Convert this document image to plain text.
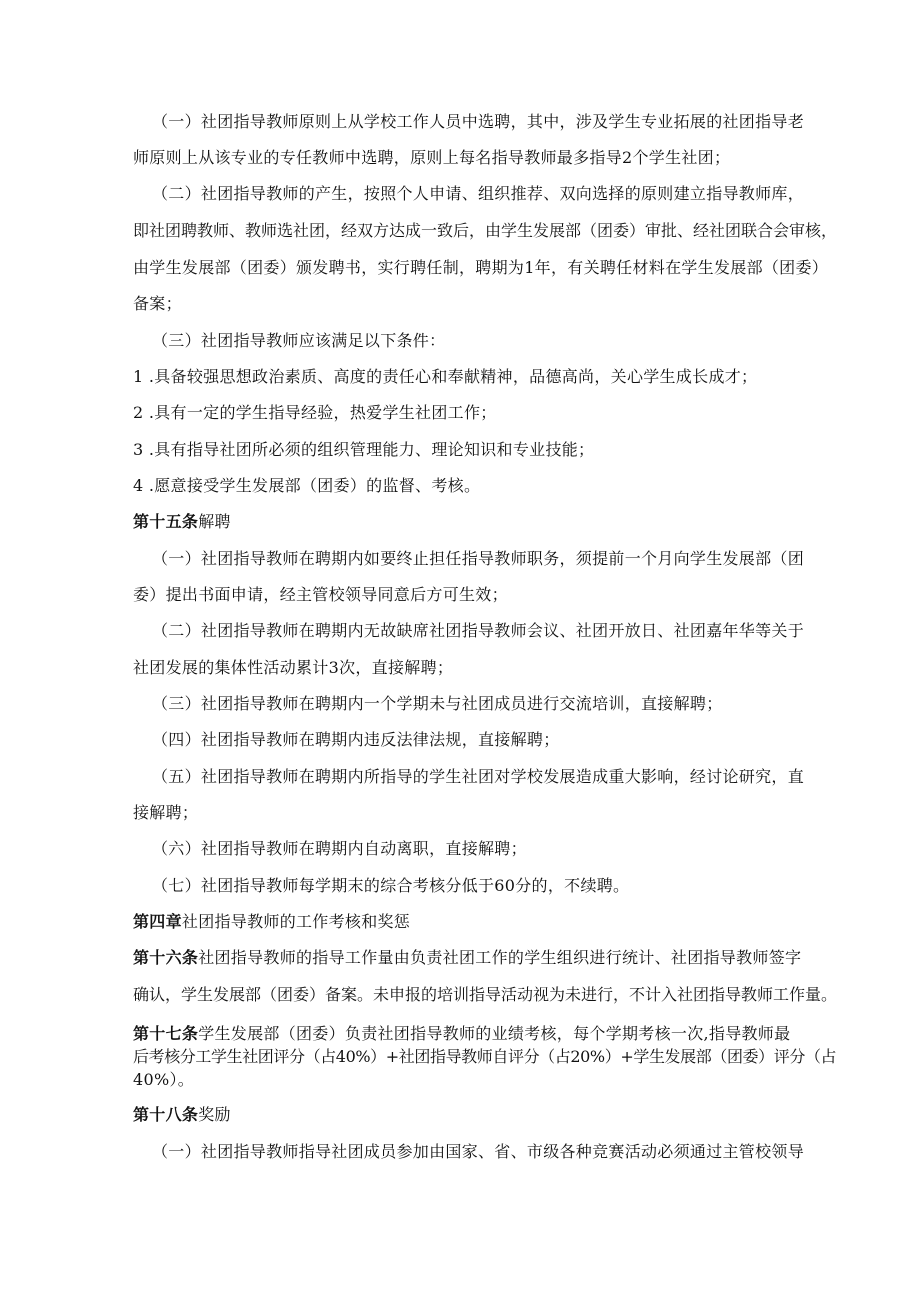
（一）社团指导教师原则上从学校工作人员中选聘，其中，涉及学生专业拓展的社团指导老
师原则上从该专业的专任教师中选聘，原则上每名指导教师最多指导2个学生社团；
（二）社团指导教师的产生，按照个人申请、组织推荐、双向选择的原则建立指导教师库，
即社团聘教师、教师选社团，经双方达成一致后，由学生发展部（团委）审批、经社团联合会审核，
由学生发展部（团委）颁发聘书，实行聘任制，聘期为1年，有关聘任材料在学生发展部（团委）
备案；
（三）社团指导教师应该满足以下条件：
1 .具备较强思想政治素质、高度的责任心和奉献精神，品德高尚，关心学生成长成才；
2 .具有一定的学生指导经验，热爱学生社团工作；
3 .具有指导社团所必须的组织管理能力、理论知识和专业技能；
4 .愿意接受学生发展部（团委）的监督、考核。
第十五条解聘
（一）社团指导教师在聘期内如要终止担任指导教师职务，须提前一个月向学生发展部（团
委）提出书面申请，经主管校领导同意后方可生效；
（二）社团指导教师在聘期内无故缺席社团指导教师会议、社团开放日、社团嘉年华等关于
社团发展的集体性活动累计3次，直接解聘；
（三）社团指导教师在聘期内一个学期未与社团成员进行交流培训，直接解聘；
（四）社团指导教师在聘期内违反法律法规，直接解聘；
（五）社团指导教师在聘期内所指导的学生社团对学校发展造成重大影响，经讨论研究，直
接解聘；
（六）社团指导教师在聘期内自动离职，直接解聘；
（七）社团指导教师每学期末的综合考核分低于60分的，不续聘。
第四章社团指导教师的工作考核和奖惩
第十六条社团指导教师的指导工作量由负责社团工作的学生组织进行统计、社团指导教师签字
确认，学生发展部（团委）备案。未申报的培训指导活动视为未进行，不计入社团指导教师工作量。
第十七条学生发展部（团委）负责社团指导教师的业绩考核，每个学期考核一次,指导教师最
后考核分工学生社团评分（占40%）+社团指导教师自评分（占20%）+学生发展部（团委）评分（占
40%）。
第十八条奖励
（一）社团指导教师指导社团成员参加由国家、省、市级各种竞赛活动必须通过主管校领导
